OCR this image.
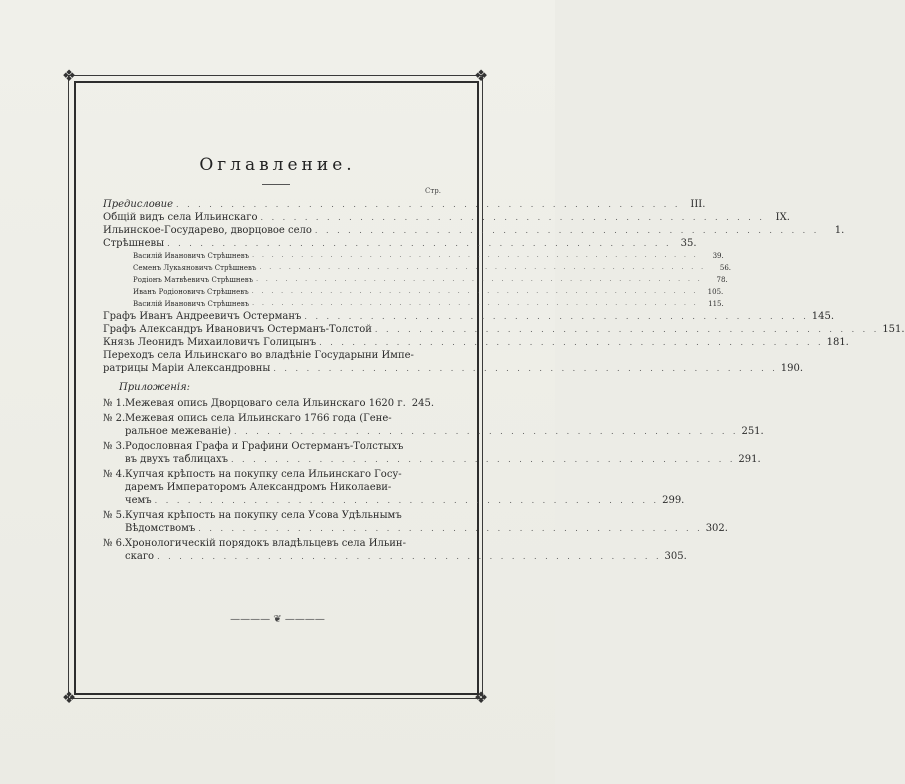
❖	❖
❖	❖
Оглавление.
Стр.
Предисловие . . . . . . . . . . . . . . . . . . . . . . . . . . . . . . . . . . . . . . . . . . . . . . III.
Общій видъ села Ильинскаго . . . . . . . . . . . . . . . . . . . . . . . . . . . . . . . . . . . . . . . . . . . . . .	IX.
Ильинское-Государево, дворцовое село . . . . . . . . . . . . . . . . . . . . . . . . . . . . . . . . . . . . . . . . . . . . . .	1.
Стрѣшневы . . . . . . . . . . . . . . . . . . . . . . . . . . . . . . . . . . . . . . . . . . . . . . 35.
Василій Ивановичъ Стрѣшневъ . . . . . . . . . . . . . . . . . . . . . . . . . . . . . . . . . . . . . . . . . . . . . .	39.
Семенъ Лукьяновичъ Стрѣшневъ . . . . . . . . . . . . . . . . . . . . . . . . . . . . . . . . . . . . . . . . . . . . . .	56.
Родіонъ Матвѣевичъ Стрѣшневъ . . . . . . . . . . . . . . . . . . . . . . . . . . . . . . . . . . . . . . . . . . . . . .	78.
Иванъ Родіоновичъ Стрѣшневъ . . . . . . . . . . . . . . . . . . . . . . . . . . . . . . . . . . . . . . . . . . . . . .	105.
Василій Ивановичъ Стрѣшневъ . . . . . . . . . . . . . . . . . . . . . . . . . . . . . . . . . . . . . . . . . . . . . .	115.
Графъ Иванъ Андреевичъ Остерманъ . . . . . . . . . . . . . . . . . . . . . . . . . . . . . . . . . . . . . . . . . . . . . . 145.
Графъ Александръ Ивановичъ Остерманъ-Толстой . . . . . . . . . . . . . . . . . . . . . . . . . . . . . . . . . . . . . . . . . . . . . . 151.
Князь Леонидъ Михаиловичъ Голицынъ . . . . . . . . . . . . . . . . . . . . . . . . . . . . . . . . . . . . . . . . . . . . . . 181.
Переходъ села Ильинскаго во владѣніе Государыни Импе-
ратрицы Маріи Александровны . . . . . . . . . . . . . . . . . . . . . . . . . . . . . . . . . . . . . . . . . . . . . . 190.
Приложенія:
№ 1. Межевая опись Дворцоваго села Ильинскаго 1620 г. 245.
№ 2.Межевая опись села Ильинскаго 1766 года (Гене-
ральное межеваніе) . . . . . . . . . . . . . . . . . . . . . . . . . . . . . . . . . . . . . . . . . . . . . . 251.
№ 3.Родословная Графа и Графини Остерманъ-Толстыхъ
въ двухъ таблицахъ . . . . . . . . . . . . . . . . . . . . . . . . . . . . . . . . . . . . . . . . . . . . . . 291.
№ 4.Купчая крѣпость на покупку села Ильинскаго Госу-
даремъ Императоромъ Александромъ Николаеви-
чемъ . . . . . . . . . . . . . . . . . . . . . . . . . . . . . . . . . . . . . . . . . . . . . . 299.
№ 5.Купчая крѣпость на покупку села Усова Удѣльнымъ
Вѣдомствомъ . . . . . . . . . . . . . . . . . . . . . . . . . . . . . . . . . . . . . . . . . . . . . . 302.
№ 6.Хронологическій порядокъ владѣльцевъ села Ильин-
скаго . . . . . . . . . . . . . . . . . . . . . . . . . . . . . . . . . . . . . . . . . . . . . . 305.
———— ❦ ————
